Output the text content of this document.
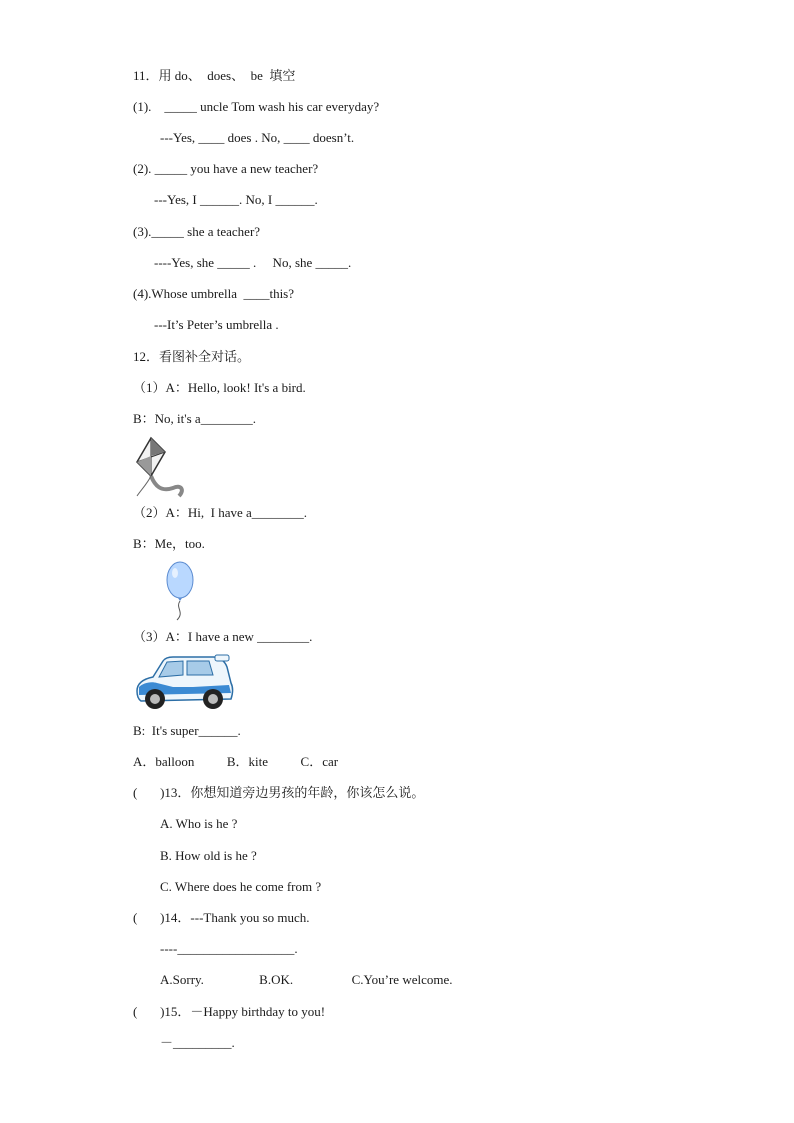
11．用 do、  does、  be  填空
(1).    _____ uncle Tom wash his car everyday?
---Yes, ____ does . No, ____ doesn’t.
(2). _____ you have a new teacher?
---Yes, I ______. No, I ______.
(3)._____ she a teacher?
----Yes, she _____ .     No, she _____.
(4).Whose umbrella  ____this?
---It’s Peter’s umbrella .
12．看图补全对话。
（1）A：Hello, look! It's a bird.
B：No, it's a________.
（2）A：Hi,  I have a________.
B：Me，too.
（3）A：I have a new ________.
B:  It's super______.
A．balloon          B．kite          C．car
(       )13．你想知道旁边男孩的年龄，你该怎么说。
A. Who is he ?
B. How old is he ?
C. Where does he come from ?
(       )14．---Thank you so much.
----__________________.
A.Sorry.                 B.OK.                  C.You’re welcome.
(       )15．－Happy birthday to you!
－_________.
